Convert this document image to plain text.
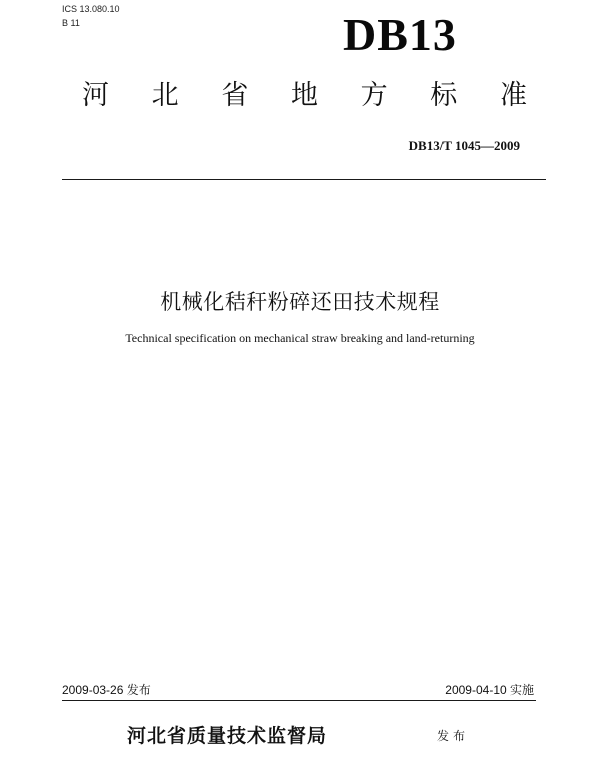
ICS 13.080.10
B 11	DB13
河 北 省 地 方 标 准
DB13/T 1045—2009
机械化秸秆粉碎还田技术规程
Technical specification on mechanical straw breaking and land-returning
2009-03-26 发布	2009-04-10 实施
河北省质量技术监督局	发布
